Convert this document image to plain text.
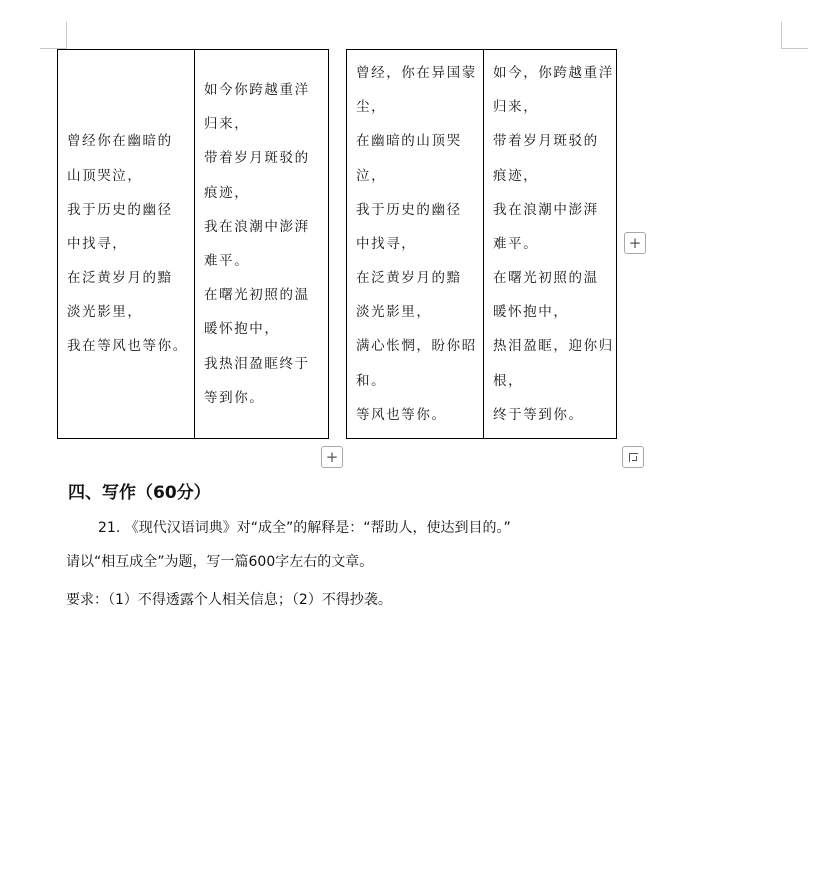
曾经你在幽暗的
山顶哭泣，
我于历史的幽径
中找寻，
在泛黄岁月的黯
淡光影里，
我在等风也等你。
如今你跨越重洋
归来，
带着岁月斑驳的
痕迹，
我在浪潮中澎湃
难平。
在曙光初照的温
暖怀抱中，
我热泪盈眶终于
等到你。
曾经，你在异国蒙
尘，
在幽暗的山顶哭
泣，
我于历史的幽径
中找寻，
在泛黄岁月的黯
淡光影里，
满心怅惘，盼你昭
和。
等风也等你。
如今，你跨越重洋
归来，
带着岁月斑驳的
痕迹，
我在浪潮中澎湃
难平。
在曙光初照的温
暖怀抱中，
热泪盈眶，迎你归
根，
终于等到你。
+
+
四、写作（60分）
21. 《现代汉语词典》对“成全”的解释是：“帮助人，使达到目的。”
请以“相互成全”为题，写一篇600字左右的文章。
要求：（1）不得透露个人相关信息；（2）不得抄袭。
